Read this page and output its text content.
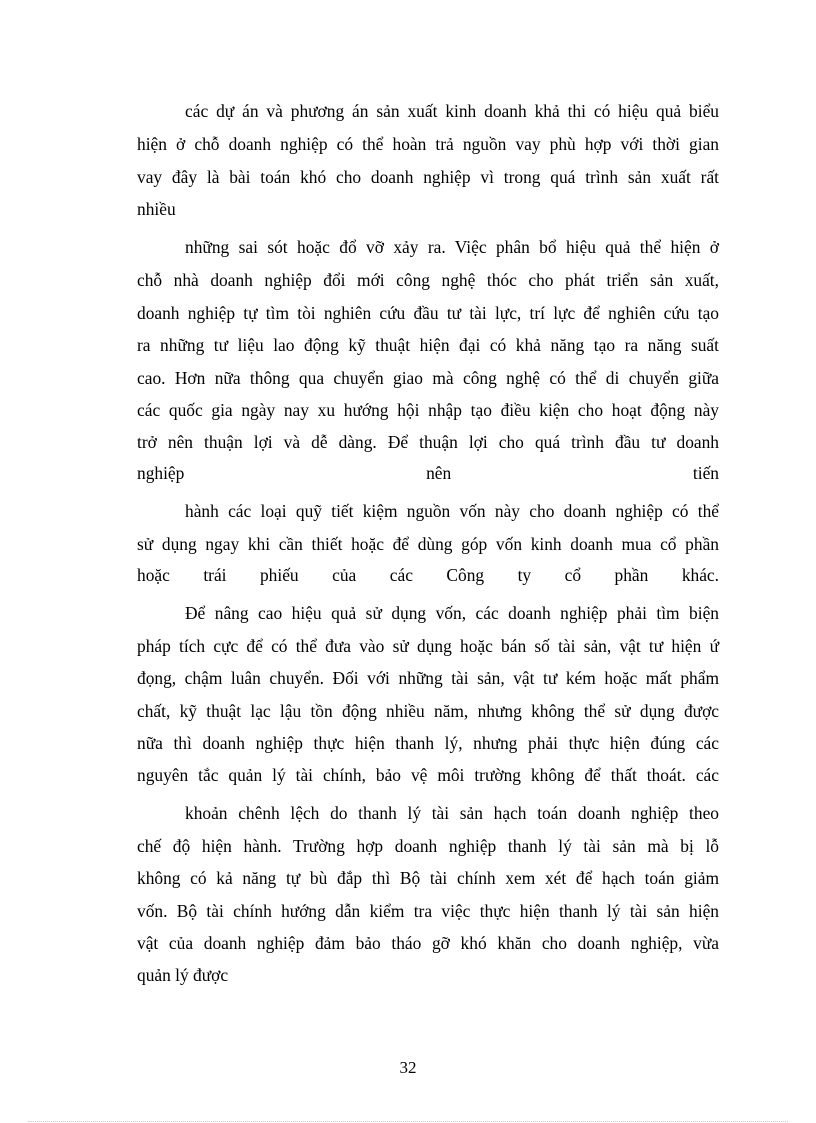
các dự án và phương án sản xuất kinh doanh khả thi có hiệu quả biểu
hiện ở chỗ doanh nghiệp có thể hoàn trả nguồn vay phù hợp với thời gian
vay đây là bài toán khó cho doanh nghiệp vì trong quá trình sản xuất rất
nhiều
những sai sót hoặc đổ vỡ xảy ra. Việc phân bổ hiệu quả thể hiện ở
chỗ nhà doanh nghiệp đổi mới công nghệ thóc cho phát triển sản xuất,
doanh nghiệp tự tìm tòi nghiên cứu đầu tư tài lực, trí lực để nghiên cứu tạo
ra những tư liệu lao động kỹ thuật hiện đại có khả năng tạo ra năng suất
cao. Hơn nữa thông qua chuyển giao mà công nghệ có thể di chuyển giữa
các quốc gia ngày nay xu hướng hội nhập tạo điều kiện cho hoạt động này
trở nên thuận lợi và dễ dàng. Để thuận lợi cho quá trình đầu tư doanh
nghiệp nên tiến
hành các loại quỹ tiết kiệm nguồn vốn này cho doanh nghiệp có thể
sử dụng ngay khi cần thiết hoặc để dùng góp vốn kinh doanh mua cổ phần
hoặc trái phiếu của các Công ty cổ phần khác.
Để nâng cao hiệu quả sử dụng vốn, các doanh nghiệp phải tìm biện
pháp tích cực để có thể đưa vào sử dụng hoặc bán số tài sản, vật tư hiện ứ
đọng, chậm luân chuyển. Đối với những tài sản, vật tư kém hoặc mất phẩm
chất, kỹ thuật lạc lậu tồn động nhiều năm, nhưng không thể sử dụng được
nữa thì doanh nghiệp thực hiện thanh lý, nhưng phải thực hiện đúng các
nguyên tắc quản lý tài chính, bảo vệ môi trường không để thất thoát. các
khoản chênh lệch do thanh lý tài sản hạch toán doanh nghiệp theo
chế độ hiện hành. Trường hợp doanh nghiệp thanh lý tài sản mà bị lỗ
không có kả năng tự bù đắp thì Bộ tài chính xem xét để hạch toán giảm
vốn. Bộ tài chính hướng dẫn kiểm tra việc thực hiện thanh lý tài sản hiện
vật của doanh nghiệp đảm bảo tháo gỡ khó khăn cho doanh nghiệp, vừa
quản lý được
32
